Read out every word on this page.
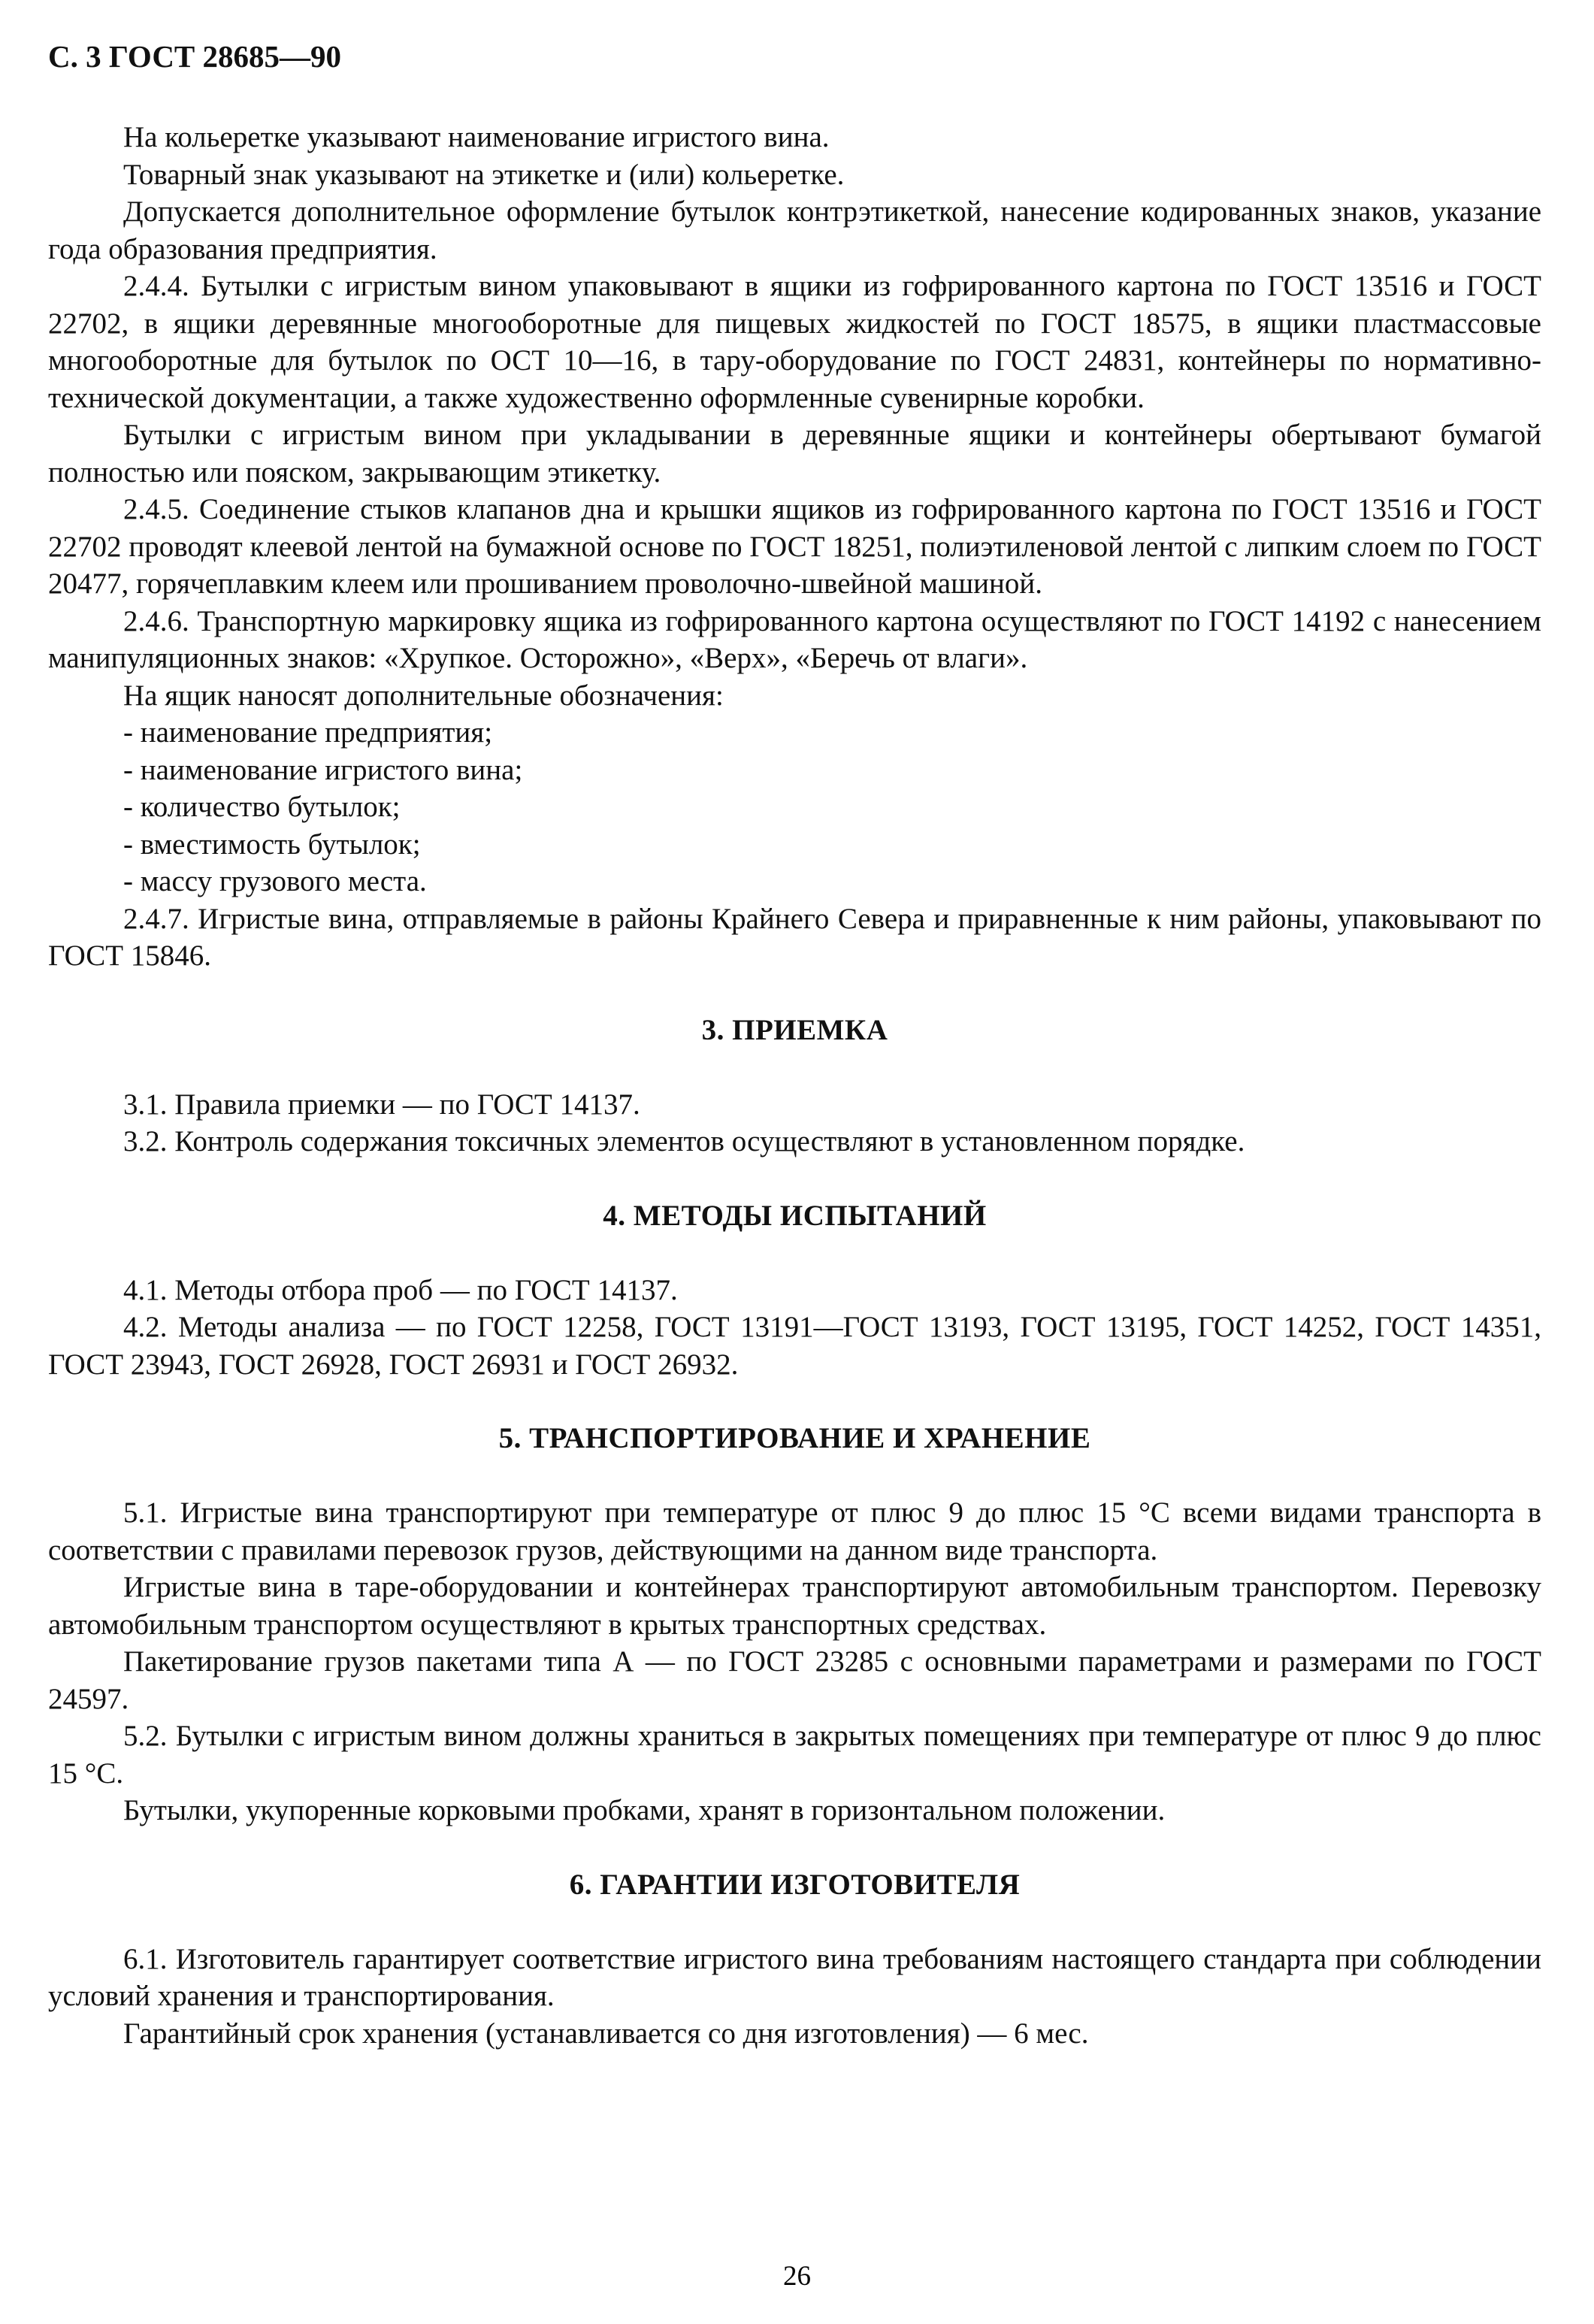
С. 3 ГОСТ 28685—90

На кольеретке указывают наименование игристого вина.

Товарный знак указывают на этикетке и (или) кольеретке.

Допускается дополнительное оформление бутылок контрэтикеткой, нанесение кодированных знаков, указание года образования предприятия.

2.4.4. Бутылки с игристым вином упаковывают в ящики из гофрированного картона по ГОСТ 13516 и ГОСТ 22702, в ящики деревянные многооборотные для пищевых жидкостей по ГОСТ 18575, в ящики пластмассовые многооборотные для бутылок по ОСТ 10—16, в тару-оборудование по ГОСТ 24831, контейнеры по нормативно-технической документации, а также художественно оформленные сувенирные коробки.

Бутылки с игристым вином при укладывании в деревянные ящики и контейнеры обертывают бумагой полностью или пояском, закрывающим этикетку.

2.4.5. Соединение стыков клапанов дна и крышки ящиков из гофрированного картона по ГОСТ 13516 и ГОСТ 22702 проводят клеевой лентой на бумажной основе по ГОСТ 18251, полиэтиленовой лентой с липким слоем по ГОСТ 20477, горячеплавким клеем или прошиванием проволочно-швейной машиной.

2.4.6. Транспортную маркировку ящика из гофрированного картона осуществляют по ГОСТ 14192 с нанесением манипуляционных знаков: «Хрупкое. Осторожно», «Верх», «Беречь от влаги».

На ящик наносят дополнительные обозначения:

- наименование предприятия;

- наименование игристого вина;

- количество бутылок;

- вместимость бутылок;

- массу грузового места.

2.4.7. Игристые вина, отправляемые в районы Крайнего Севера и приравненные к ним районы, упаковывают по ГОСТ 15846.

3. ПРИЕМКА

3.1. Правила приемки — по ГОСТ 14137.

3.2. Контроль содержания токсичных элементов осуществляют в установленном порядке.

4. МЕТОДЫ ИСПЫТАНИЙ

4.1. Методы отбора проб — по ГОСТ 14137.

4.2. Методы анализа — по ГОСТ 12258, ГОСТ 13191—ГОСТ 13193, ГОСТ 13195, ГОСТ 14252, ГОСТ 14351, ГОСТ 23943, ГОСТ 26928, ГОСТ 26931 и ГОСТ 26932.

5. ТРАНСПОРТИРОВАНИЕ И ХРАНЕНИЕ

5.1. Игристые вина транспортируют при температуре от плюс 9 до плюс 15 °С всеми видами транспорта в соответствии с правилами перевозок грузов, действующими на данном виде транспорта.

Игристые вина в таре-оборудовании и контейнерах транспортируют автомобильным транспортом. Перевозку автомобильным транспортом осуществляют в крытых транспортных средствах.

Пакетирование грузов пакетами типа А — по ГОСТ 23285 с основными параметрами и размерами по ГОСТ 24597.

5.2. Бутылки с игристым вином должны храниться в закрытых помещениях при температуре от плюс 9 до плюс 15 °С.

Бутылки, укупоренные корковыми пробками, хранят в горизонтальном положении.

6. ГАРАНТИИ ИЗГОТОВИТЕЛЯ

6.1. Изготовитель гарантирует соответствие игристого вина требованиям настоящего стандарта при соблюдении условий хранения и транспортирования.

Гарантийный срок хранения (устанавливается со дня изготовления) — 6 мес.

26
